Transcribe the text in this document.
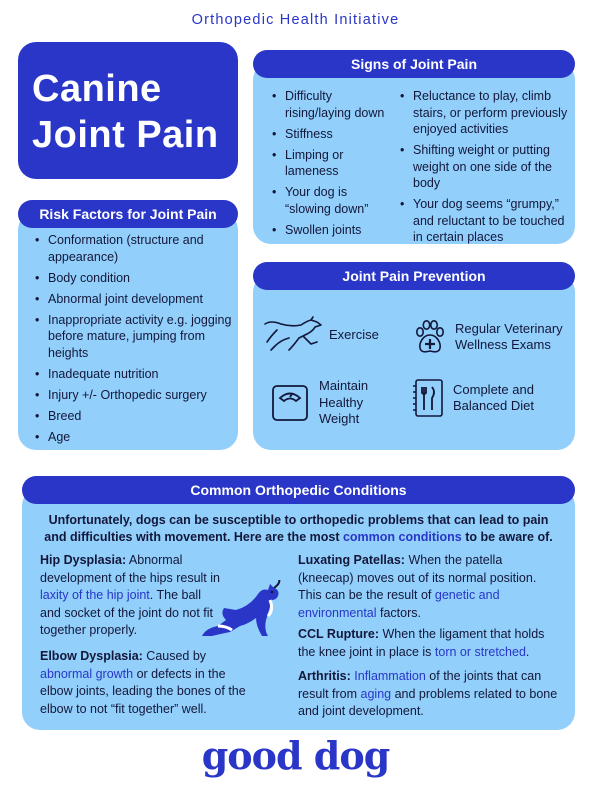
Orthopedic Health Initiative
Canine
Joint Pain
Signs of Joint Pain
• Difficulty rising/laying down
• Stiffness
• Limping or lameness
• Your dog is “slowing down”
• Swollen joints
• Reluctance to play, climb stairs, or perform previously enjoyed activities
• Shifting weight or putting weight on one side of the body
• Your dog seems “grumpy,” and reluctant to be touched in certain places
Risk Factors for Joint Pain
• Conformation (structure and appearance)
• Body condition
• Abnormal joint development
• Inappropriate activity e.g. jogging before mature, jumping from heights
• Inadequate nutrition
• Injury +/- Orthopedic surgery
• Breed
• Age
Joint Pain Prevention
Exercise	Regular Veterinary Wellness Exams
Maintain Healthy Weight
Complete and Balanced Diet
Common Orthopedic Conditions

Unfortunately, dogs can be susceptible to orthopedic problems that can lead to pain and difficulties with movement. Here are the most common conditions to be aware of.

Hip Dysplasia: Abnormal development of the hips result in laxity of the hip joint. The ball and socket of the joint do not fit together properly.

Elbow Dysplasia: Caused by abnormal growth or defects in the elbow joints, leading the bones of the elbow to not “fit together” well.

Luxating Patellas: When the patella (kneecap) moves out of its normal position. This can be the result of genetic and environmental factors.

CCL Rupture: When the ligament that holds the knee joint in place is torn or stretched.

Arthritis: Inflammation of the joints that can result from aging and problems related to bone and joint development.

good dog
